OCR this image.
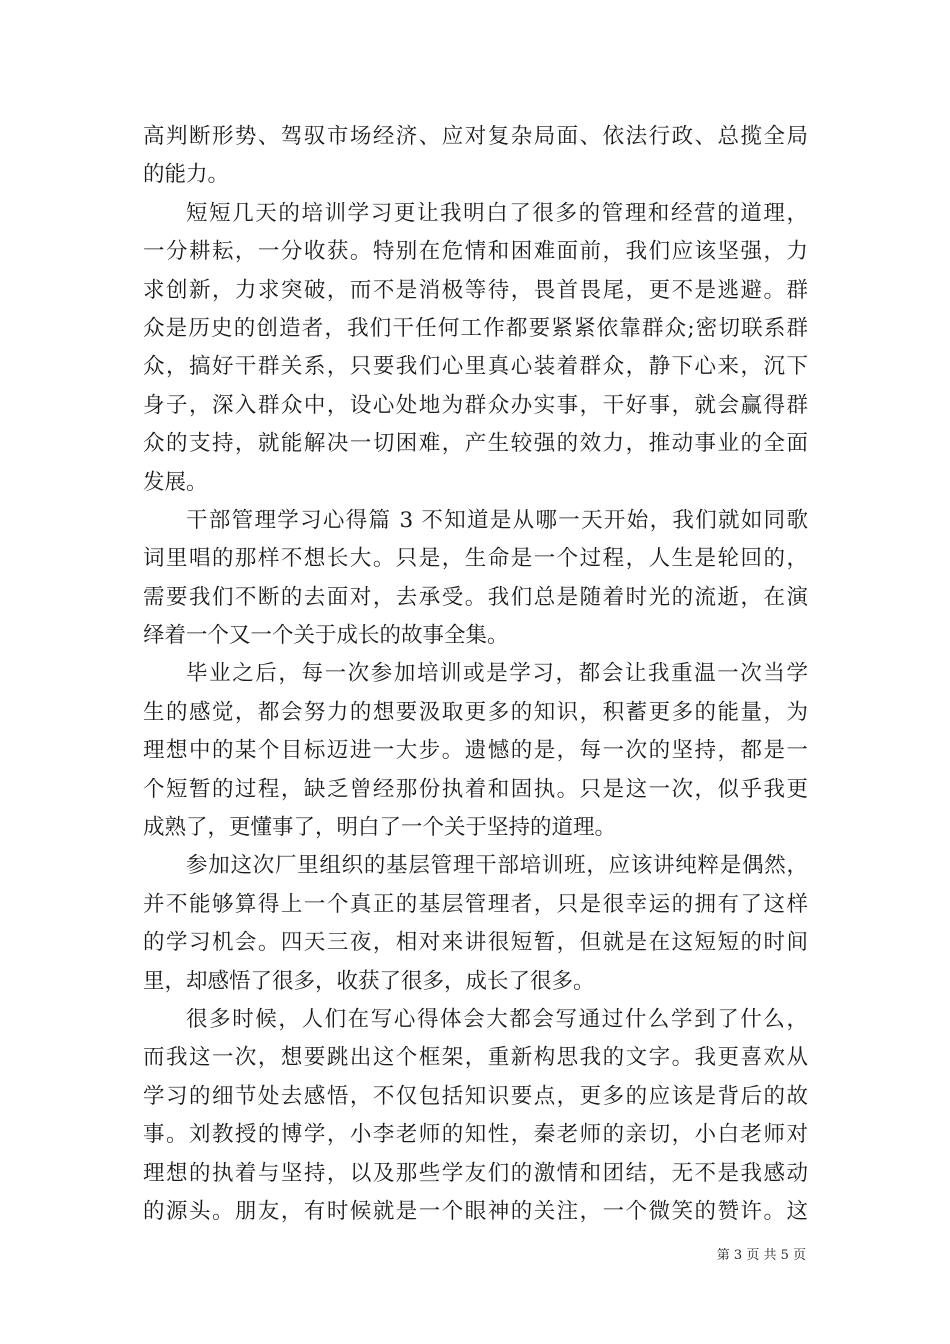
高判断形势、驾驭市场经济、应对复杂局面、依法行政、总揽全局
的能力。
短短几天的培训学习更让我明白了很多的管理和经营的道理，
一分耕耘，一分收获。特别在危情和困难面前，我们应该坚强，力
求创新，力求突破，而不是消极等待，畏首畏尾，更不是逃避。群
众是历史的创造者，我们干任何工作都要紧紧依靠群众;密切联系群
众，搞好干群关系，只要我们心里真心装着群众，静下心来，沉下
身子，深入群众中，设心处地为群众办实事，干好事，就会赢得群
众的支持，就能解决一切困难，产生较强的效力，推动事业的全面
发展。
干部管理学习心得篇 3 不知道是从哪一天开始，我们就如同歌
词里唱的那样不想长大。只是，生命是一个过程，人生是轮回的，
需要我们不断的去面对，去承受。我们总是随着时光的流逝，在演
绎着一个又一个关于成长的故事全集。
毕业之后，每一次参加培训或是学习，都会让我重温一次当学
生的感觉，都会努力的想要汲取更多的知识，积蓄更多的能量，为
理想中的某个目标迈进一大步。遗憾的是，每一次的坚持，都是一
个短暂的过程，缺乏曾经那份执着和固执。只是这一次，似乎我更
成熟了，更懂事了，明白了一个关于坚持的道理。
参加这次厂里组织的基层管理干部培训班，应该讲纯粹是偶然，
并不能够算得上一个真正的基层管理者，只是很幸运的拥有了这样
的学习机会。四天三夜，相对来讲很短暂，但就是在这短短的时间
里，却感悟了很多，收获了很多，成长了很多。
很多时候，人们在写心得体会大都会写通过什么学到了什么，
而我这一次，想要跳出这个框架，重新构思我的文字。我更喜欢从
学习的细节处去感悟，不仅包括知识要点，更多的应该是背后的故
事。刘教授的博学，小李老师的知性，秦老师的亲切，小白老师对
理想的执着与坚持，以及那些学友们的激情和团结，无不是我感动
的源头。朋友，有时候就是一个眼神的关注，一个微笑的赞许。这
第 3 页 共 5 页
